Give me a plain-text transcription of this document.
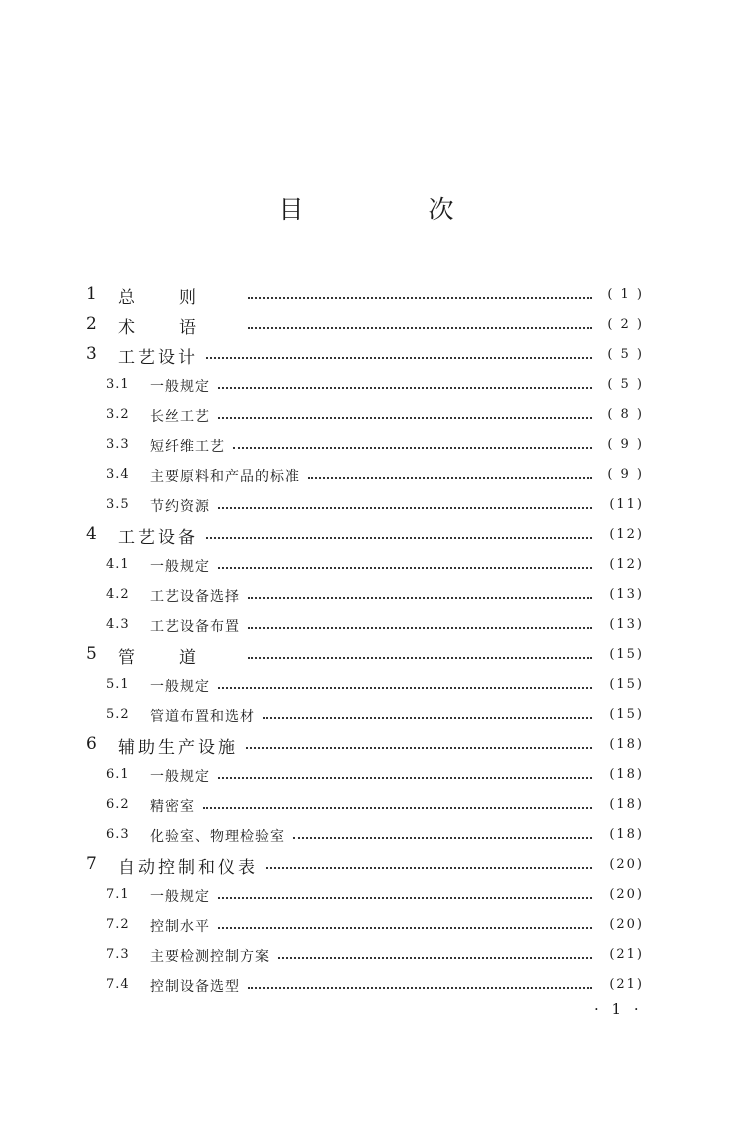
目　次
1 总则	( 1 )
2 术语	( 2 )
3 工艺设计	( 5 )
3.1 一般规定	( 5 )
3.2 长丝工艺	( 8 )
3.3 短纤维工艺	( 9 )
3.4 主要原料和产品的标准	( 9 )
3.5 节约资源	(11)
4 工艺设备	(12)
4.1 一般规定	(12)
4.2 工艺设备选择	(13)
4.3 工艺设备布置	(13)
5 管道	(15)
5.1 一般规定	(15)
5.2 管道布置和选材	(15)
6 辅助生产设施	(18)
6.1 一般规定	(18)
6.2 精密室	(18)
6.3 化验室、物理检验室	(18)
7 自动控制和仪表	(20)
7.1 一般规定	(20)
7.2 控制水平	(20)
7.3 主要检测控制方案	(21)
7.4 控制设备选型	(21)
· 1 ·
